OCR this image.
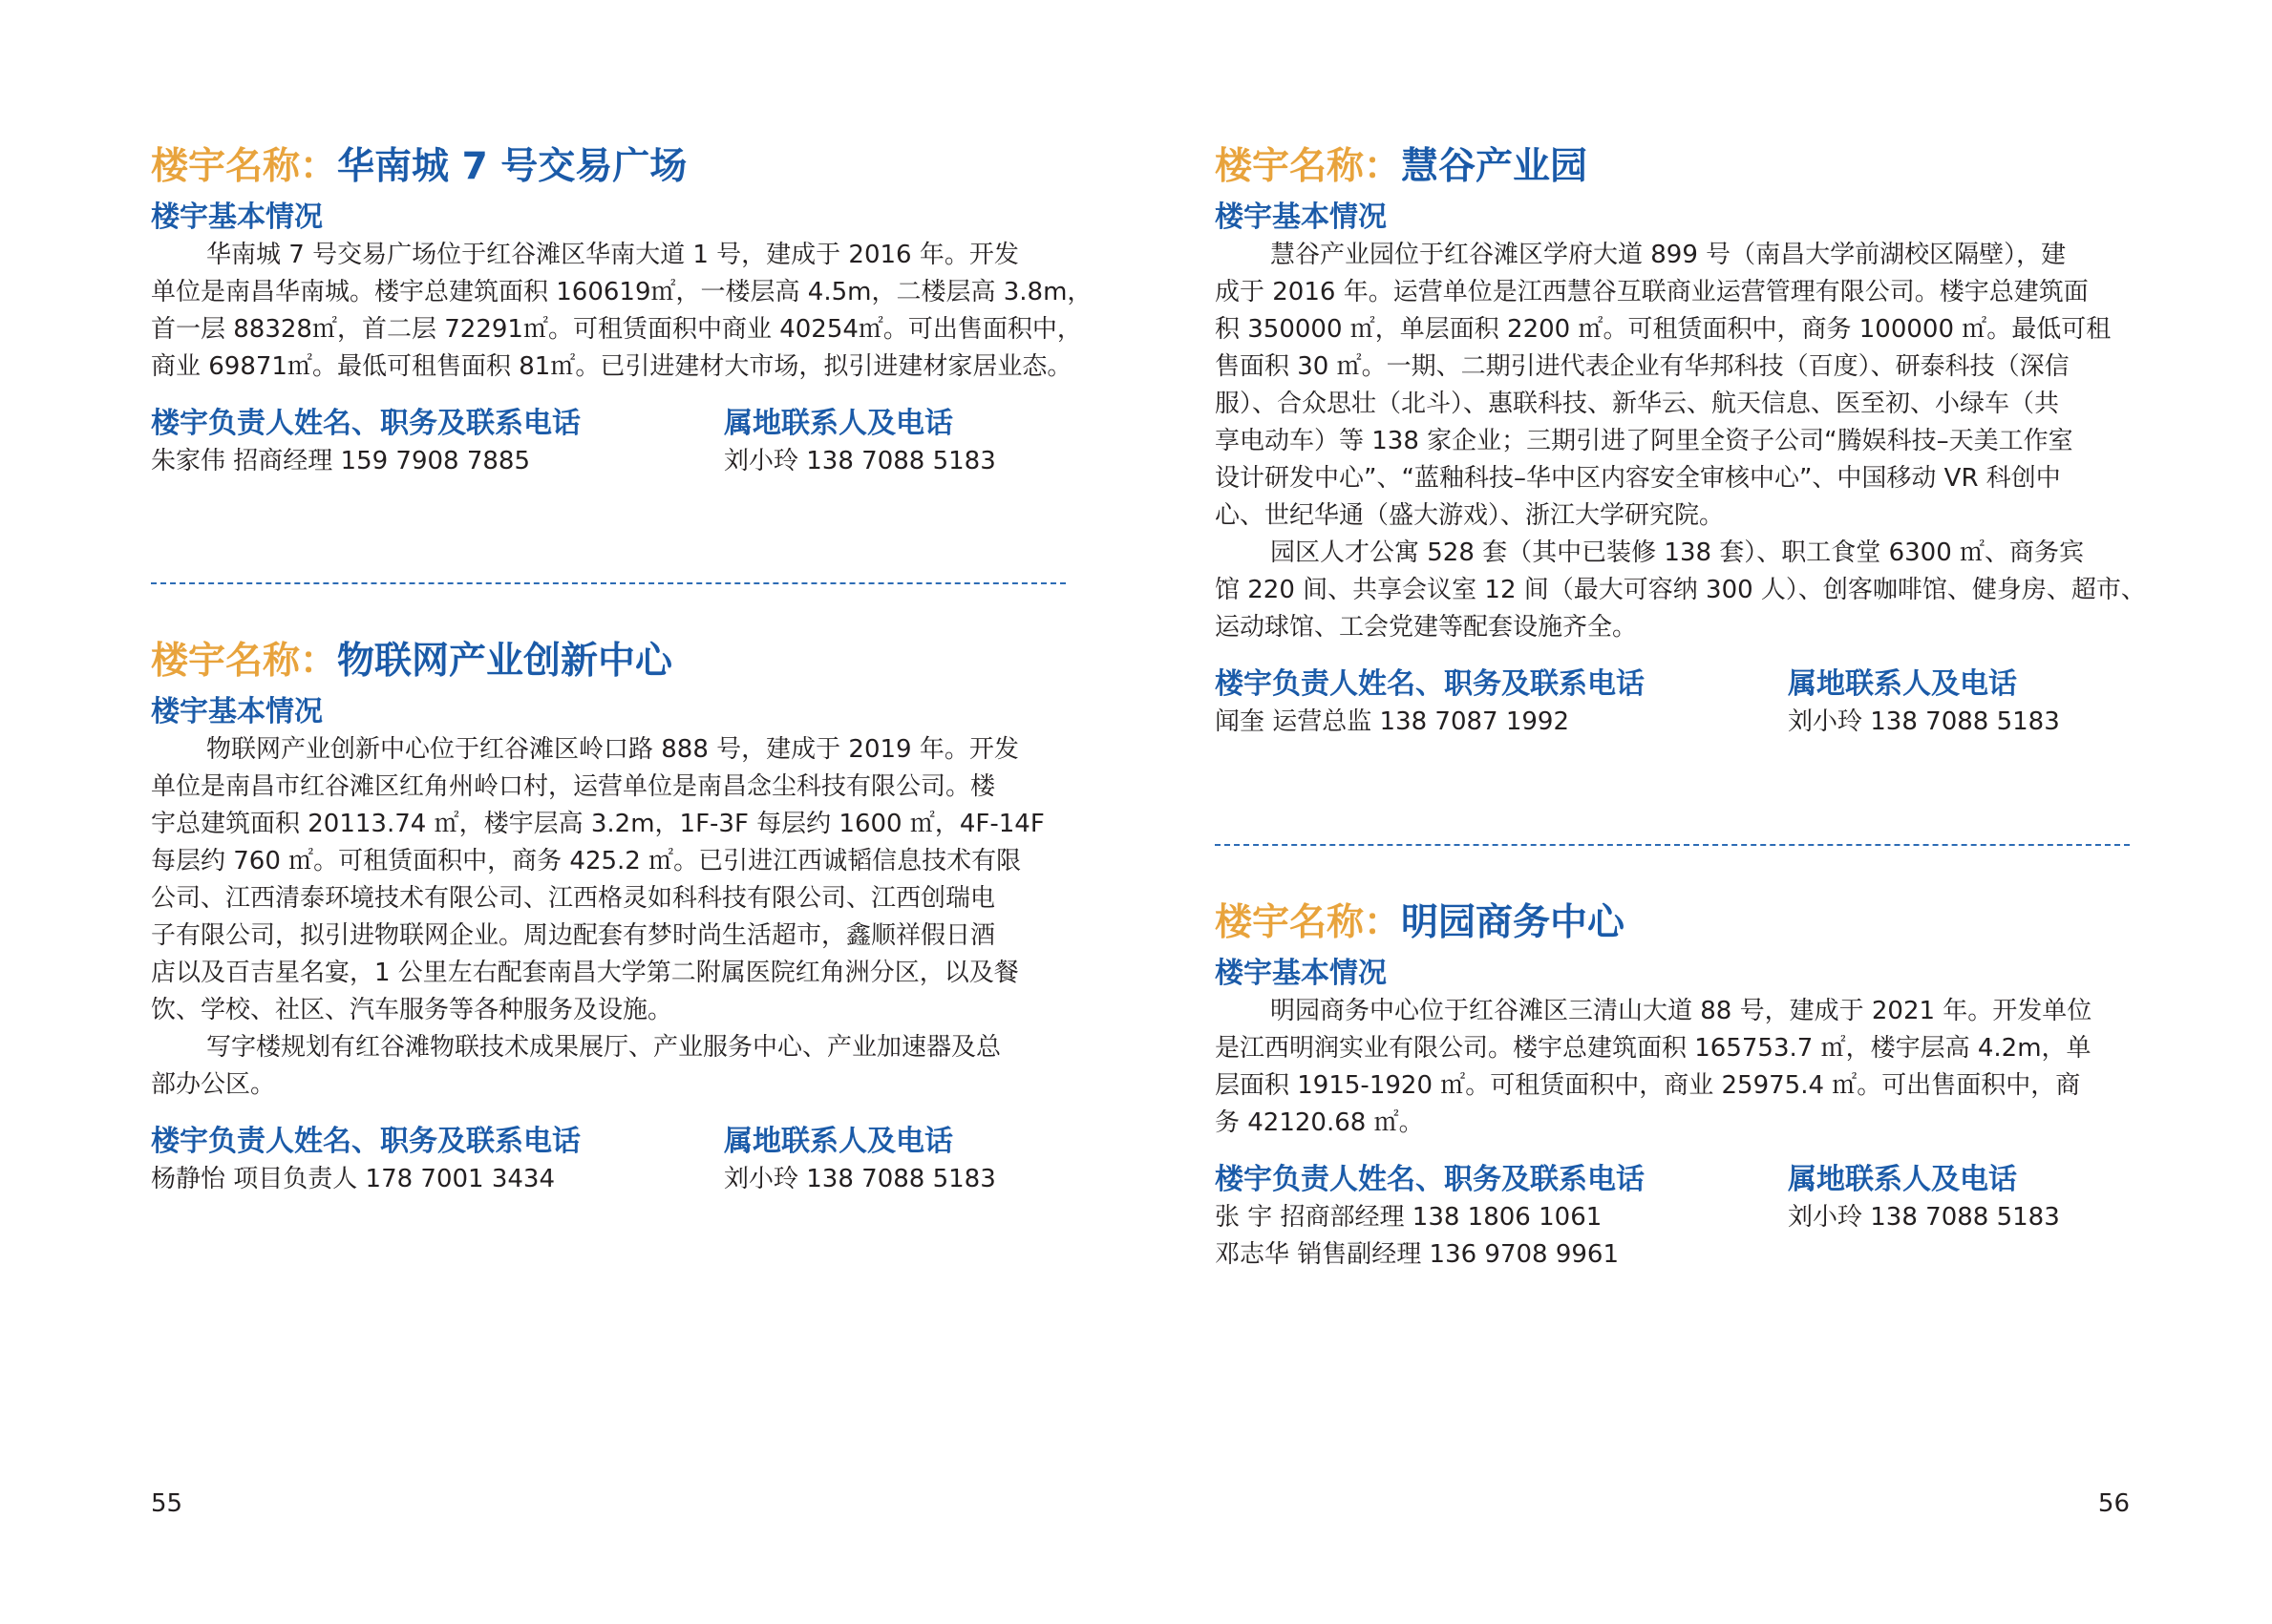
楼宇名称：华南城 7 号交易广场
楼宇基本情况
华南城 7 号交易广场位于红谷滩区华南大道 1 号，建成于 2016 年。开发
单位是南昌华南城。楼宇总建筑面积 160619㎡，一楼层高 4.5m，二楼层高 3.8m，
首一层 88328㎡，首二层 72291㎡。可租赁面积中商业 40254㎡。可出售面积中，
商业 69871㎡。最低可租售面积 81㎡。已引进建材大市场，拟引进建材家居业态。
楼宇负责人姓名、职务及联系电话
朱家伟 招商经理 159 7908 7885
属地联系人及电话
刘小玲 138 7088 5183
楼宇名称：物联网产业创新中心
楼宇基本情况
物联网产业创新中心位于红谷滩区岭口路 888 号，建成于 2019 年。开发
单位是南昌市红谷滩区红角州岭口村，运营单位是南昌念尘科技有限公司。楼
宇总建筑面积 20113.74 ㎡，楼宇层高 3.2m，1F-3F 每层约 1600 ㎡，4F-14F
每层约 760 ㎡。可租赁面积中，商务 425.2 ㎡。已引进江西诚韬信息技术有限
公司、江西清泰环境技术有限公司、江西格灵如科科技有限公司、江西创瑞电
子有限公司，拟引进物联网企业。周边配套有梦时尚生活超市，鑫顺祥假日酒
店以及百吉星名宴，1 公里左右配套南昌大学第二附属医院红角洲分区，以及餐
饮、学校、社区、汽车服务等各种服务及设施。
写字楼规划有红谷滩物联技术成果展厅、产业服务中心、产业加速器及总
部办公区。
楼宇负责人姓名、职务及联系电话
杨静怡 项目负责人 178 7001 3434
属地联系人及电话
刘小玲 138 7088 5183
55
楼宇名称：慧谷产业园
楼宇基本情况
慧谷产业园位于红谷滩区学府大道 899 号（南昌大学前湖校区隔壁），建
成于 2016 年。运营单位是江西慧谷互联商业运营管理有限公司。楼宇总建筑面
积 350000 ㎡，单层面积 2200 ㎡。可租赁面积中，商务 100000 ㎡。最低可租
售面积 30 ㎡。一期、二期引进代表企业有华邦科技（百度）、研泰科技（深信
服）、合众思壮（北斗）、惠联科技、新华云、航天信息、医至初、小绿车（共
享电动车）等 138 家企业；三期引进了阿里全资子公司“腾娱科技–天美工作室
设计研发中心”、“蓝釉科技–华中区内容安全审核中心”、中国移动 VR 科创中
心、世纪华通（盛大游戏）、浙江大学研究院。
园区人才公寓 528 套（其中已装修 138 套）、职工食堂 6300 ㎡、商务宾
馆 220 间、共享会议室 12 间（最大可容纳 300 人）、创客咖啡馆、健身房、超市、
运动球馆、工会党建等配套设施齐全。
楼宇负责人姓名、职务及联系电话
闻奎 运营总监 138 7087 1992
属地联系人及电话
刘小玲 138 7088 5183
楼宇名称：明园商务中心
楼宇基本情况
明园商务中心位于红谷滩区三清山大道 88 号，建成于 2021 年。开发单位
是江西明润实业有限公司。楼宇总建筑面积 165753.7 ㎡，楼宇层高 4.2m，单
层面积 1915-1920 ㎡。可租赁面积中，商业 25975.4 ㎡。可出售面积中，商
务 42120.68 ㎡。
楼宇负责人姓名、职务及联系电话
张 宇 招商部经理 138 1806 1061
邓志华 销售副经理 136 9708 9961
属地联系人及电话
刘小玲 138 7088 5183
56
